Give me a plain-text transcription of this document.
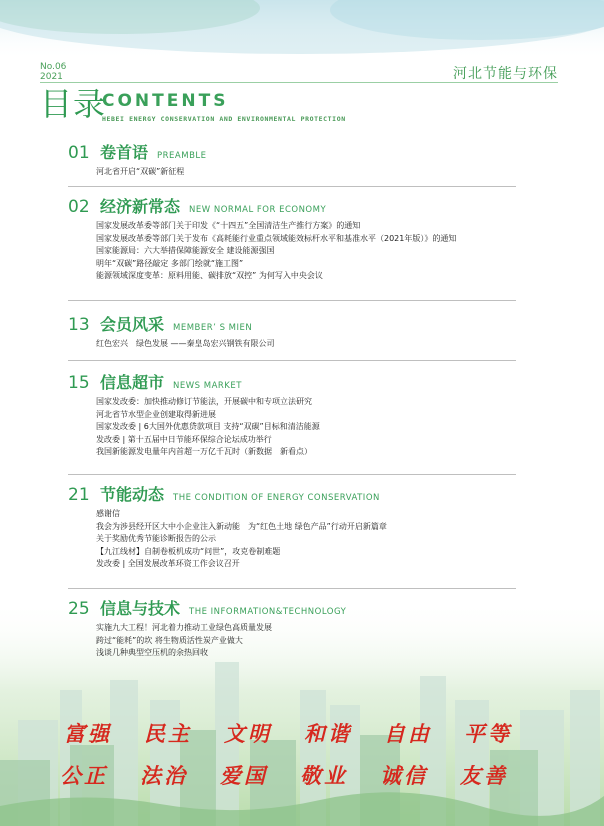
No.06
2021	河北节能与环保
目录
CONTENTS
HEBEI ENERGY CONSERVATION AND ENVIRONMENTAL PROTECTION
01 卷首语 PREAMBLE
河北省开启“双碳”新征程
02 经济新常态 NEW NORMAL FOR ECONOMY
国家发展改革委等部门关于印发《“十四五”全国清洁生产推行方案》的通知
国家发展改革委等部门关于发布《高耗能行业重点领域能效标杆水平和基准水平（2021年版）》的通知
国家能源局：六大举措保障能源安全 建设能源强国
明年“双碳”路径敲定 多部门绘就“施工图”
能源领域深度变革：原料用能、碳排放“双控” 为何写入中央会议
13 会员风采 MEMBER’ S MIEN
红色宏兴　绿色发展 ——秦皇岛宏兴钢铁有限公司
15 信息超市 NEWS MARKET
国家发改委：加快推动修订节能法，开展碳中和专项立法研究
河北省节水型企业创建取得新进展
国家发改委 | 6大国外优惠贷款项目 支持“双碳”目标和清洁能源
发改委 | 第十五届中日节能环保综合论坛成功举行
我国新能源发电量年内首超一万亿千瓦时（新数据　新看点）
21 节能动态 THE CONDITION OF ENERGY CONSERVATION
感谢信
我会为涉县经开区大中小企业注入新动能　为“红色土地 绿色产品”行动开启新篇章
关于奖励优秀节能诊断报告的公示
【九江线材】自制卷板机成功“问世”，攻克卷制难题
发改委 | 全国发展改革环资工作会议召开
25 信息与技术 THE INFORMATION&TECHNOLOGY
实施九大工程！河北着力推动工业绿色高质量发展
跨过“能耗”的坎 将生物质活性炭产业做大
浅谈几种典型空压机的余热回收
富强	民主	文明	和谐	自由	平等
公正	法治	爱国	敬业	诚信	友善
